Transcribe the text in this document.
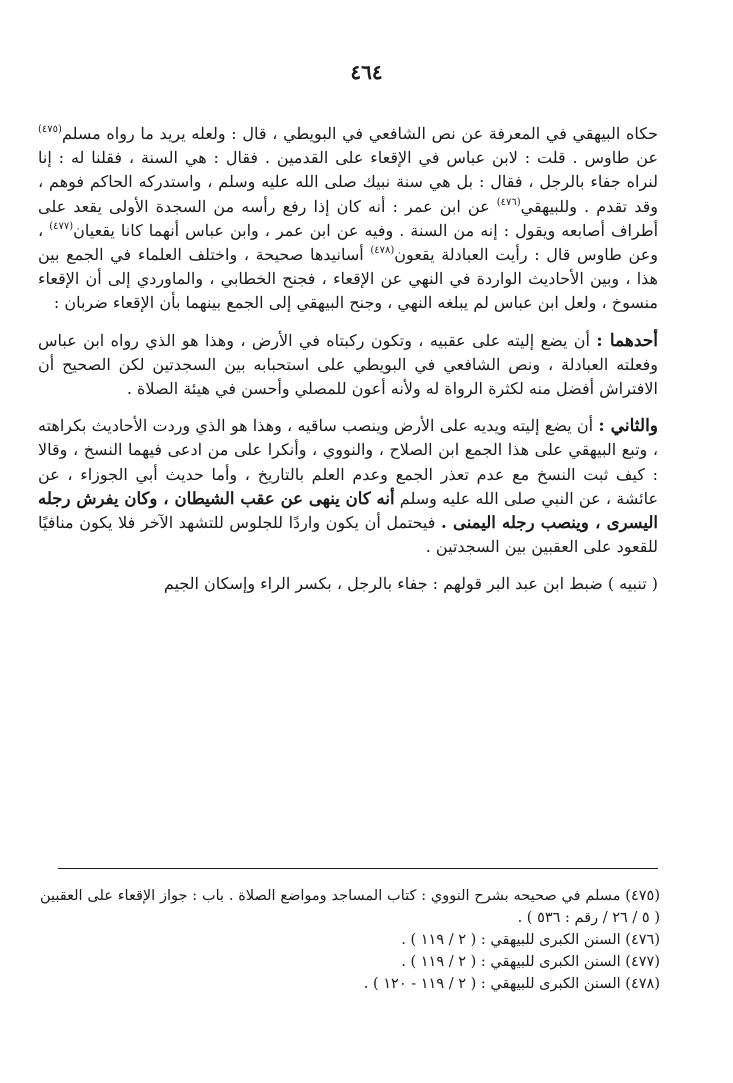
٤٦٤

حكاه البيهقي في المعرفة عن نص الشافعي في البويطي ، قال : ولعله يريد ما رواه مسلم$^{(٤٧٥)}$ عن طاوس . قلت : لابن عباس في الإقعاء على القدمين . فقال : هي السنة ، فقلنا له : إنا لنراه جفاء بالرجل ، فقال : بل هي سنة نبيك صلى الله عليه وسلم ، واستدركه الحاكم فوهم ، وقد تقدم . وللبيهقي$^{(٤٧٦)}$ عن ابن عمر : أنه كان إذا رفع رأسه من السجدة الأولى يقعد على أطراف أصابعه ويقول : إنه من السنة . وفيه عن ابن عمر ، وابن عباس أنهما كانا يقعيان$^{(٤٧٧)}$ ، وعن طاوس قال : رأيت العبادلة يقعون$^{(٤٧٨)}$ أسانيدها صحيحة ، واختلف العلماء في الجمع بين هذا ، وبين الأحاديث الواردة في النهي عن الإقعاء ، فجنح الخطابي ، والماوردي إلى أن الإقعاء منسوخ ، ولعل ابن عباس لم يبلغه النهي ، وجنح البيهقي إلى الجمع بينهما بأن الإقعاء ضربان :

أحدهما : أن يضع إليته على عقبيه ، وتكون ركبتاه في الأرض ، وهذا هو الذي رواه ابن عباس وفعلته العبادلة ، ونص الشافعي في البويطي على استحبابه بين السجدتين لكن الصحيح أن الافتراش أفضل منه لكثرة الرواة له ولأنه أعون للمصلي وأحسن في هيئة الصلاة .

والثاني : أن يضع إليته ويديه على الأرض وينصب ساقيه ، وهذا هو الذي وردت الأحاديث بكراهته ، وتبع البيهقي على هذا الجمع ابن الصلاح ، والنووي ، وأنكرا على من ادعى فيهما النسخ ، وقالا : كيف ثبت النسخ مع عدم تعذر الجمع وعدم العلم بالتاريخ ، وأما حديث أبي الجوزاء ، عن عائشة ، عن النبي صلى الله عليه وسلم أنه كان ينهى عن عقب الشيطان ، وكان يفرش رجله اليسرى ، وينصب رجله اليمنى . فيحتمل أن يكون واردًا للجلوس للتشهد الآخر فلا يكون منافيًا للقعود على العقبين بين السجدتين .

( تنبيه ) ضبط ابن عبد البر قولهم : جفاء بالرجل ، بكسر الراء وإسكان الجيم

(٤٧٥) مسلم في صحيحه بشرح النووي : كتاب المساجد ومواضع الصلاة . باب : جواز الإقعاء على العقبين ( ٥ / ٢٦ / رقم : ٥٣٦ ) .
(٤٧٦) السنن الكبرى للبيهقي : ( ٢ / ١١٩ ) .
(٤٧٧) السنن الكبرى للبيهقي : ( ٢ / ١١٩ ) .
(٤٧٨) السنن الكبرى للبيهقي : ( ٢ / ١١٩ - ١٢٠ ) .
